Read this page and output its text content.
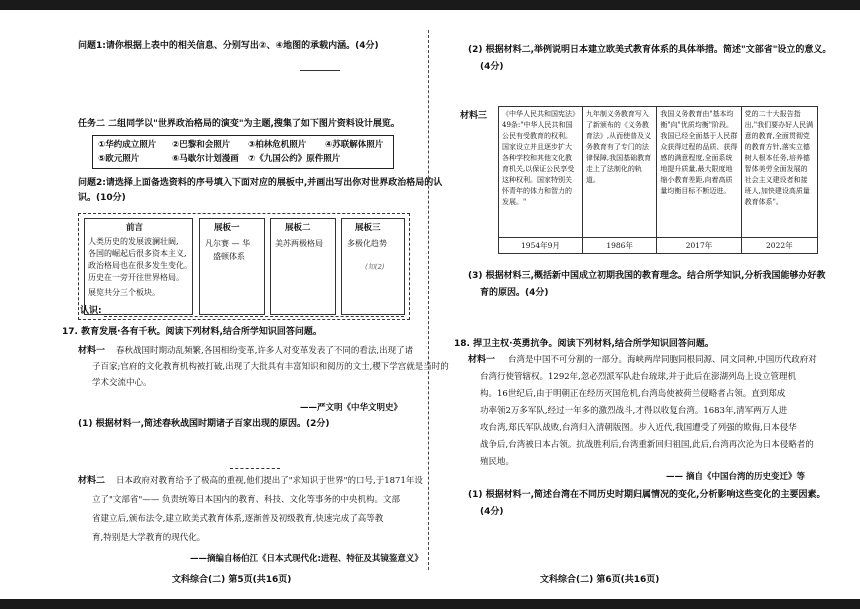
问题1:请你根据上表中的相关信息、分别写出②、④地图的承载内涵。(4分)
任务二 二组同学以"世界政治格局的演变"为主题,搜集了如下图片资料设计展览。
①华约成立照片 ②巴黎和会照片 ③柏林危机照片 ④苏联解体照片
⑤欧元照片	⑥马歇尔计划漫画 ⑦《九国公约》原件照片
问题2:请选择上面备选资料的序号填入下面对应的展板中,并画出写出你对世界政治格局的认
识。(10分)
前言
人类历史的发展波澜壮阔,
各国的崛起后很多资本主义,
政治格局也在很多发生变化。
历史在一旁开往世界格局。
展览共分三个板块。
展板一
凡尔赛 — 华
盛顿体系
展板二
美苏两极格局
展板三
多极化趋势
(知(2)
认识:
17. 教育发展·各有千秋。阅读下列材料,结合所学知识回答问题。
材料一 春秋战国时期动乱频繁,各国相纷变革,许多人对变革发表了不同的看法,出现了诸
子百家;官府的文化教育机构被打破,出现了大批具有丰富知识和阅历的文士,稷下学宫就是当时的
学术交流中心。
——严文明《中华文明史》
(1) 根据材料一,简述春秋战国时期诸子百家出现的原因。(2分)
材料二 日本政府对教育给予了极高的重视,他们提出了"求知识于世界"的口号,于1871年设
立了"文部省"—— 负责统筹日本国内的教育、科技、文化等事务的中央机构。文部
省建立后,颁布法令,建立欧美式教育体系,逐渐普及初级教育,快速完成了高等教
育,特别是大学教育的现代化。
——摘编自杨伯江《日本式现代化:进程、特征及其镜鉴意义》
文科综合(二) 第5页(共16页)
(2) 根据材料二,举例说明日本建立欧美式教育体系的具体举措。简述"文部省"设立的意义。
(4分)
材料三 《中华人民共和国宪法》49条:"中华人民共和国公民有受教育的权利。国家设立并且逐步扩大各种学校和其他文化教育机关,以保证公民享受这种权利。国家特别关怀青年的体力和智力的发展。"	九年制义务教育写入了新颁布的《义务教育法》,从而使普及义务教育有了专门的法律保障,我国基础教育走上了法制化的轨道。	我国义务教育由"基本均衡"向"优质均衡"阶段。我国已经全面基于人民群众获得过程的品质、获得感的满意程度,全面系统地提升质量,最大限度地缩小教育差距,向着高质量均衡目标不断迈进。	党的二十大报告指出,"我们要办好人民满意的教育,全面贯彻党的教育方针,落实立德树人根本任务,培养德智体美劳全面发展的社会主义建设者和接班人,加快建设高质量教育体系"。
1954年9月	1986年	2017年	2022年
(3) 根据材料三,概括新中国成立初期我国的教育理念。结合所学知识,分析我国能够办好教
育的原因。(4分)
18. 捍卫主权·英勇抗争。阅读下列材料,结合所学知识回答问题。
材料一 台湾是中国不可分割的一部分。海峡两岸同胞同根同源、同文同种,中国历代政府对
台湾行使管辖权。1292年,忽必烈派军队赴台琉球,并于此后在澎湖列岛上设立管理机
构。16世纪后,由于明朝正在经历灭国危机,台湾岛使被荷兰侵略者占领。直到郑成
功率领2万多军队,经过一年多的激烈战斗,才得以收复台湾。1683年,清军两万人进
攻台湾,郑氏军队战败,台湾归入清朝版图。步入近代,我国遭受了列强的欺侮,日本侵华
战争后,台湾被日本占领。抗战胜利后,台湾重新回归祖国,此后,台湾再次沦为日本侵略者的
殖民地。
—— 摘自《中国台湾的历史变迁》等
(1) 根据材料一,简述台湾在不同历史时期归属情况的变化,分析影响这些变化的主要因素。
(4分)
文科综合(二) 第6页(共16页)
